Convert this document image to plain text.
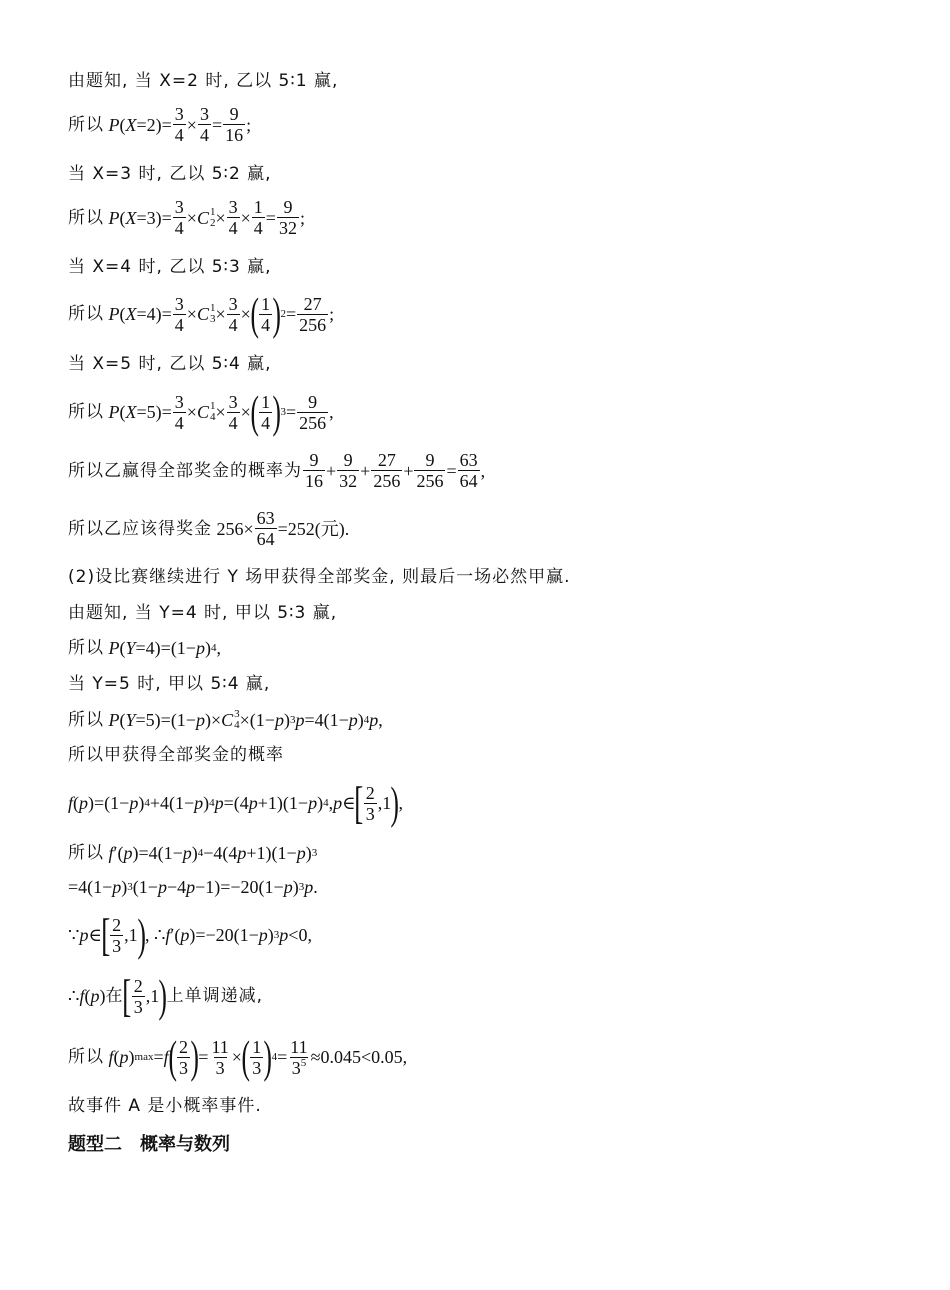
由题知, 当 X=2 时, 乙以 5∶1 赢,
所以
P ( $X =2)= \frac{3}{4} \times \frac{3}{4} = \frac{9}{16}$ ;
当 X=3 时, 乙以 5∶2 赢,
所以
P ( $X =3)= \frac{3}{4} \times C$ 1
$2 \times \frac{3}{4} \times \frac{1}{4} = \frac{9}{32}$ ;
当 X=4 时, 乙以 5∶3 赢,
所以
P ( $X =4)= \frac{3}{4} \times C$ 1
$3 \times \frac{3}{4}$ × ( $\frac{1}{4}$ ) $2 = \frac{27}{256}$ ;
当 X=5 时, 乙以 5∶4 赢,
所以
P ( $X =5)= \frac{3}{4} \times C$ 1
$4 \times \frac{3}{4}$ × ( $\frac{1}{4}$ ) $3 = \frac{9}{256}$ ,
所以乙赢得全部奖金的概率为 $\frac{9}{16} + \frac{9}{32} + \frac{27}{256} + \frac{9}{256} = \frac{63}{64}$ ,
所以乙应该得奖金
$256\times \frac{63}{64} =252$(元).
(2)设比赛继续进行 Y 场甲获得全部奖金, 则最后一场必然甲赢.
由题知, 当 Y=4 时, 甲以 5∶3 赢,
所以
P ( Y =4)=(1− p ) 4 ,
当 Y=5 时, 甲以 5∶4 赢,
所以
P ( Y =5)=(1− p )× C 3
4 ×(1− p ) 3 p =4(1− p ) 4 p ,
所以甲获得全部奖金的概率
f ( p )=(1− p ) 4 +4(1− p ) 4 p =(4 p +1)(1− p ) 4 , p ∈ [ $\frac{2}{3} ,1$ ) ,
所以
f ′( p )=4(1− p ) 4 −4(4 p +1)(1− p ) 3
=4(1− p ) 3 (1− p −4 p −1)=−20(1− p ) 3 p .
∵ p ∈ [ $\frac{2}{3} ,1$ ) , ∴ f ′( p )=−20(1− p ) 3 p <0,
∴ f ( p ) 在 [ $\frac{2}{3} ,1$ ) 上单调递减,
所以
f ( p ) max = f ( $\frac{2}{3}$ ) = $\frac{11}{3}$ × ( $\frac{1}{3}$ ) $4 = \frac{11}{3^5} \approx 0.045<0.05$,
故事件 A 是小概率事件.
题型二　概率与数列
